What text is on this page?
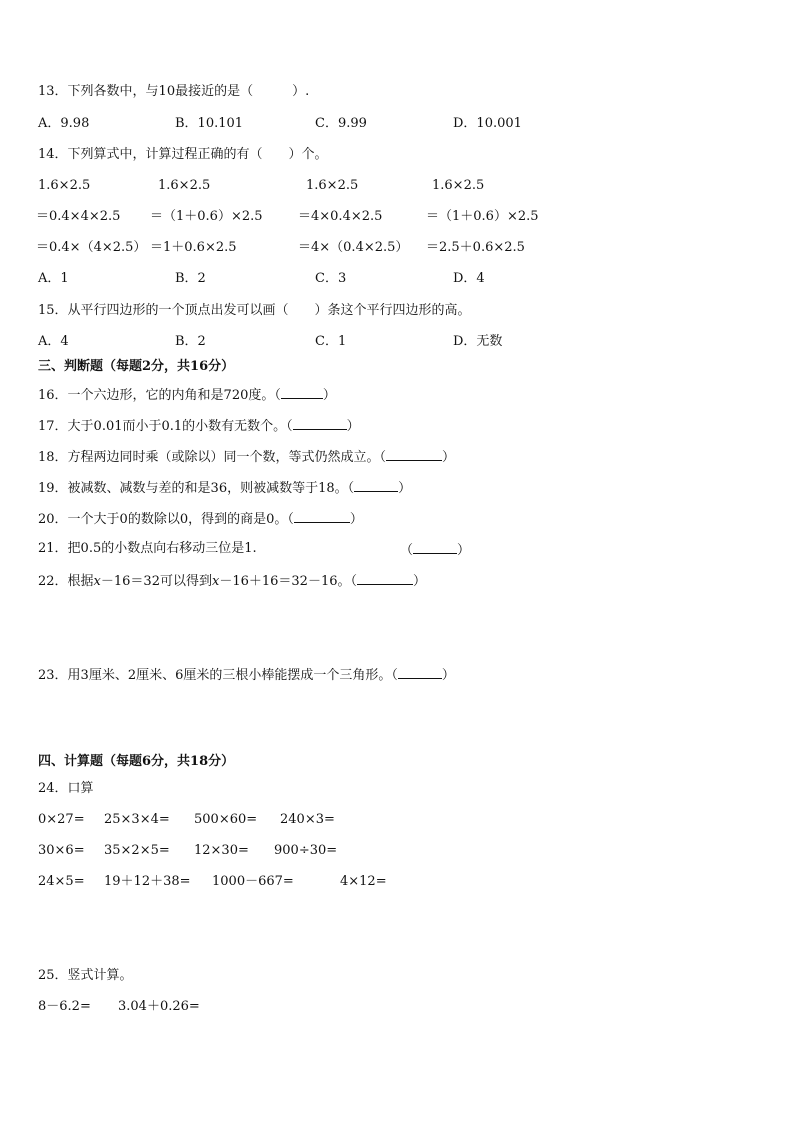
13．下列各数中，与10最接近的是（　　　）.
A．9.98	B．10.101	C．9.99	D．10.001
14．下列算式中，计算过程正确的有（　　）个。
1.6×2.5	1.6×2.5	1.6×2.5	1.6×2.5
＝0.4×4×2.5 ＝（1＋0.6）×2.5	＝4×0.4×2.5	＝（1＋0.6）×2.5
＝0.4×（4×2.5） ＝1＋0.6×2.5	＝4×（0.4×2.5） ＝2.5＋0.6×2.5
A．1	B．2	C．3	D．4
15．从平行四边形的一个顶点出发可以画（　　）条这个平行四边形的高。
A．4	B．2	C．1	D．无数
三、判断题（每题2分，共16分）
16．一个六边形，它的内角和是720度。（	）
17．大于0.01而小于0.1的小数有无数个。（	）
18．方程两边同时乘（或除以）同一个数，等式仍然成立。（	）
19．被减数、减数与差的和是36，则被减数等于18。（	）
20．一个大于0的数除以0，得到的商是0。（	）
21．把0.5的小数点向右移动三位是1.	（	）
22．根据x－16＝32可以得到x－16＋16＝32－16。（	）
23．用3厘米、2厘米、6厘米的三根小棒能摆成一个三角形。（	）
四、计算题（每题6分，共18分）
24．口算
0×27= 25×3×4= 500×60= 240×3=
30×6= 35×2×5= 12×30= 900÷30=
24×5= 19＋12＋38= 1000－667=	4×12=
25．竖式计算。
8－6.2= 3.04＋0.26=
